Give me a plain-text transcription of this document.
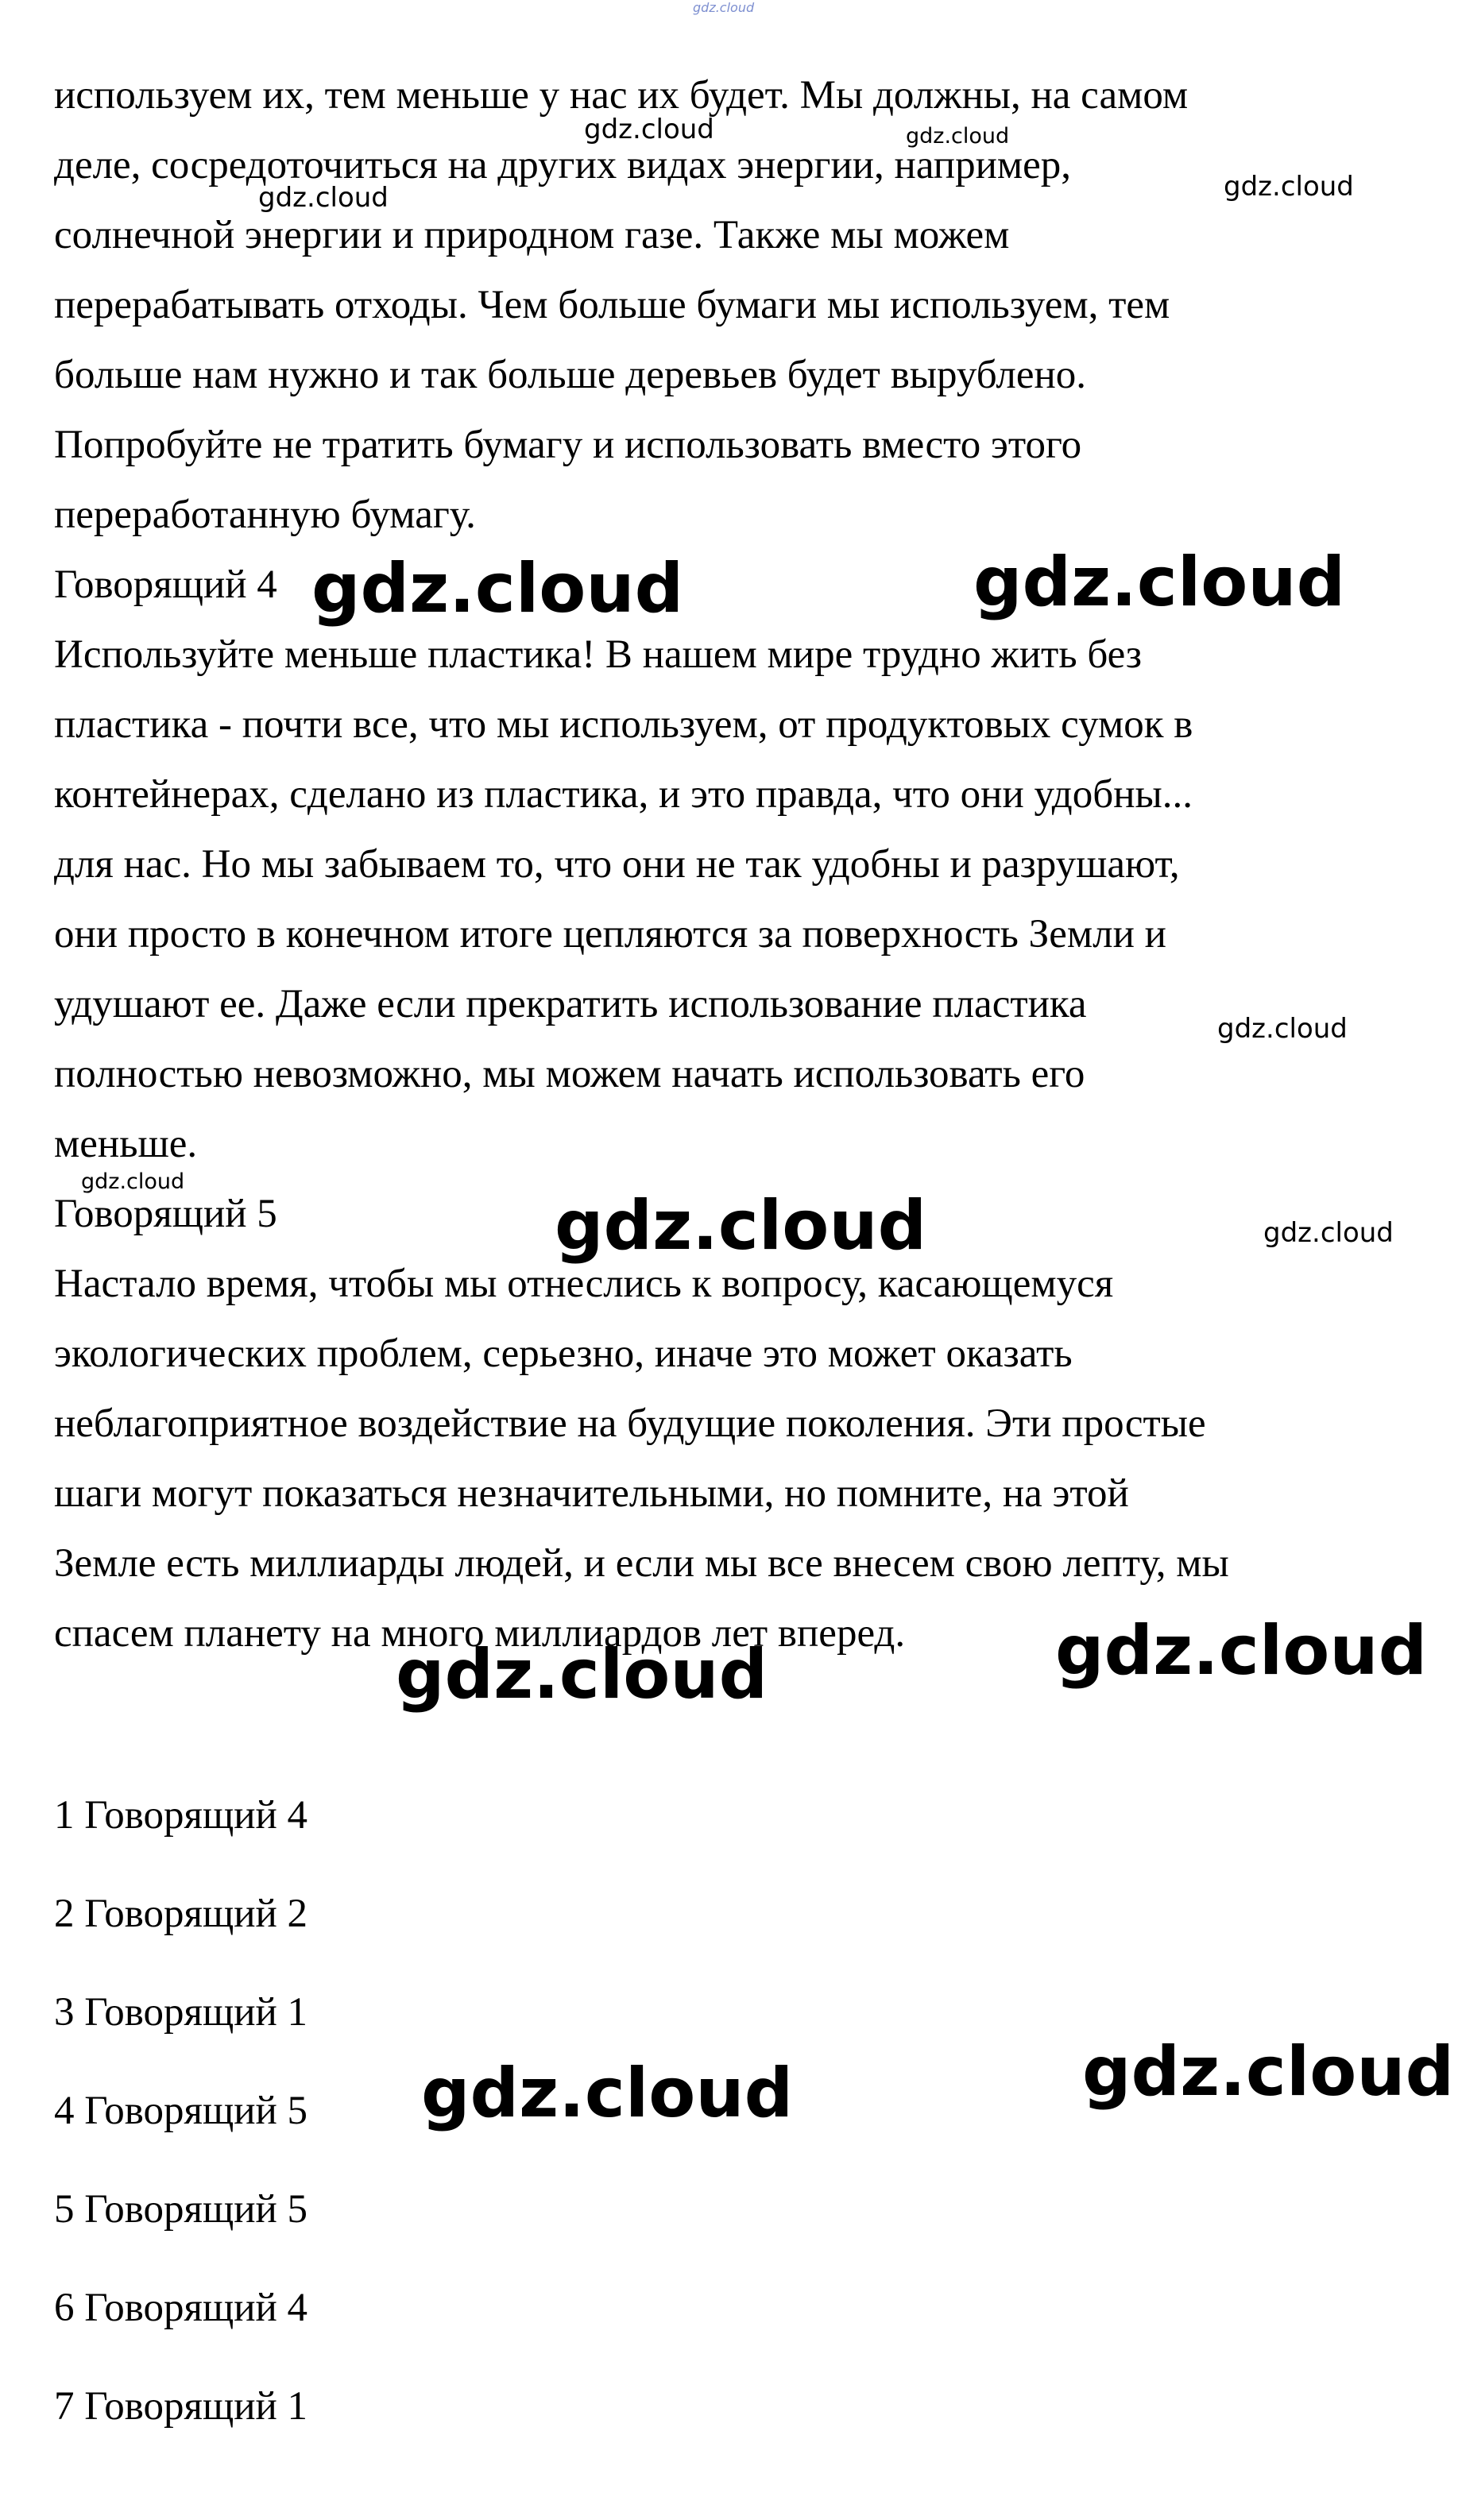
gdz.cloud

используем их, тем меньше у нас их будет. Мы должны, на самом

деле, сосредоточиться на других видах энергии, например,

солнечной энергии и природном газе. Также мы можем

перерабатывать отходы. Чем больше бумаги мы используем, тем

больше нам нужно и так больше деревьев будет вырублено.

Попробуйте не тратить бумагу и использовать вместо этого

переработанную бумагу.

Говорящий 4

Используйте меньше пластика! В нашем мире трудно жить без

пластика - почти все, что мы используем, от продуктовых сумок в

контейнерах, сделано из пластика, и это правда, что они удобны...

для нас. Но мы забываем то, что они не так удобны и разрушают,

они просто в конечном итоге цепляются за поверхность Земли и

удушают ее. Даже если прекратить использование пластика

полностью невозможно, мы можем начать использовать его

меньше.

Говорящий 5

Настало время, чтобы мы отнеслись к вопросу, касающемуся

экологических проблем, серьезно, иначе это может оказать

неблагоприятное воздействие на будущие поколения. Эти простые

шаги могут показаться незначительными, но помните, на этой

Земле есть миллиарды людей, и если мы все внесем свою лепту, мы

спасем планету на много миллиардов лет вперед.

1 Говорящий 4
2 Говорящий 2
3 Говорящий 1
4 Говорящий 5
5 Говорящий 5
6 Говорящий 4
7 Говорящий 1
gdz.cloud	gdz.cloud
gdz.cloud
gdz.cloud
gdz.cloud	gdz.cloud
gdz.cloud
gdz.cloud
gdz.cloud
gdz.cloud
gdz.cloud
gdz.cloud
gdz.cloud
gdz.cloud
